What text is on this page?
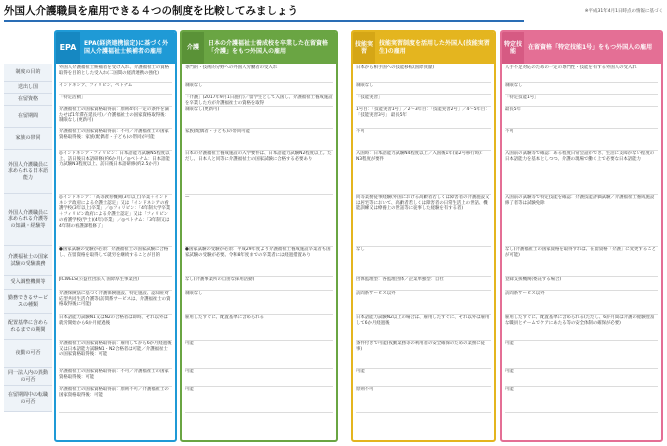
外国人介護職員を雇用できる４つの制度を比較してみましょう	※平成31年4月1日時点の情報に基づく
制度の目的
送出し国
在留資格
在留期間
家族の帯同
外国人介護職員に求められる日本語能力
外国人介護職員に求められる介護等の知識・経験等
介護福祉士の国家試験の受験義務
受入調整機関等
勤務できるサービスの種類
配置基準に含められるまでの期間
夜勤の可否
同一法人内の異動の可否
在留期間中の転職の可否
EPA	EPA(経済連携協定)に基づく外国人介護福祉士候補者の雇用
外国人介護福祉士候補者を受け入れ、介護福祉士の資格取得を目的とした受入れ(二国間の経済連携の強化)
インドネシア、フィリピン、ベトナム
「特定活動」
介護福祉士の国家資格取得前：原則4年(一定の条件を満たせば1年滞在延長可)／介護福祉士の国家資格取得後：制限なし(更新可)
介護福祉士の国家資格取得前：不可／介護福祉士の国家資格取得後：家族(配偶者・子ども)の帯同が可能
◎インドネシア・フィリピン：日本語能力試験N5程度以上、訪日後日本語研修(約6か月)／◎ベトナム：日本語能力試験N3程度以上、訪日後日本語研修(約2.5か月)
◎インドネシア：「高等教育機関(3年以上)卒業＋インドネシア政府による介護士認定」又は「インドネシアの看護学校(3年以上)卒業」／◎フィリピン：「4年制大学卒業＋フィリピン政府による介護士認定」又は「フィリピンの看護学校(学士)(4年)卒業」／◎ベトナム：「3年制又は4年制の看護課程修了」
●国家試験の受験が必須：介護福祉士の国家試験に合格し、在留資格を取得して就労を継続することが目的
JICWELS(公益社団法人 国際厚生事業団)
介護保険法に基づく介護保険施設、特定施設、認知症対応型共同生活介護等(訪問系サービスは、介護福祉士の資格取得後に可能)
日本語能力試験N1又はN2の合格者は即時、それ以外は就労開始から6か月経過後
介護福祉士の国家資格取得前：雇用してから6か月経過後又は日本語能力試験N1・N2合格者は可能／介護福祉士の国家資格取得後：可能
介護福祉士の国家資格取得前：不可／介護福祉士の国家資格取得後：可能
介護福祉士の国家資格取得前：原則不可／介護福祉士の国家資格取得後：可能
介護
日本の介護福祉士養成校を卒業した在留資格「介護」をもつ外国人の雇用
専門的・技術的分野への外国人労働者の受入れ
制限なし
「介護」(2017年9月1日施行)／留学生として入国し、介護福祉士養成施設を卒業した方が介護福祉士の資格を取得
制限なし(更新可)
家族(配偶者・子ども)の帯同可能
日本の介護福祉士養成施設の入学要件は、日本語能力試験N2程度以上。ただし、日本人と同等に介護福祉士の国家試験に合格する必要あり
—
●国家試験の受験が必須：平成29年度より介護福祉士養成施設卒業者も国家試験の受験が必要。令和8年度までの卒業者には経過措置あり
なし(介護事業所の自由な採用活動)
制限なし
雇用したすぐに、配置基準に含められる
可能
可能
可能
技能実習
技能実習制度を活用した外国人(技能実習生)の雇用
日本から相手国への技能移転(国際貢献)
制限なし
「技能実習」
1号目：「技能実習1号」／2〜3年目：「技能実習2号」／4〜5年目：「技能実習3号」 最長5年
不可
入国時：日本語能力試験N4程度以上／入国後1年(第2号移行時)：N3程度が要件
同等業務従事経験(外国における高齢者若しくは障害者の介護施設又は居宅等において、高齢者若しくは障害者の日常生活上の世話、機能訓練又は療養上の世話等に従事した経験を有する者)
なし
団体監理型：各監理団体／企業単独型：自社
訪問系サービス以外
日本語能力試験N2以上の場合は、雇用したすぐに、それ以外は雇用して6か月経過後
条件付きで可能(夜勤業務等の利用者の安全確保のための業務に従事)
可能
原則不可
特定技能
在留資格「特定技能1号」をもつ外国人の雇用
人手不足対応のための一定の専門性・技能を有する外国人の受入れ
制限なし
「特定技能1号」
最長5年
不可
入国前の試験等で確認：ある程度日常会話ができ、生活に支障がない程度の日本語能力を基本としつつ、介護の現場で働く上で必要な日本語能力
入国前の試験等で特定技能を確認：介護技能評価試験／介護福祉士養成施設修了者等は試験免除
なし(介護福祉士の国家資格を取得すれば、在留資格「介護」に変更することが可能)
登録支援機関(委託する場合)
訪問系サービス以外
雇用したすぐに、配置基準に含められる(ただし、6か月間は介護の経験豊富な職員とチームでケアにあたる等の安全体制の確保が必要)
可能
可能
可能
